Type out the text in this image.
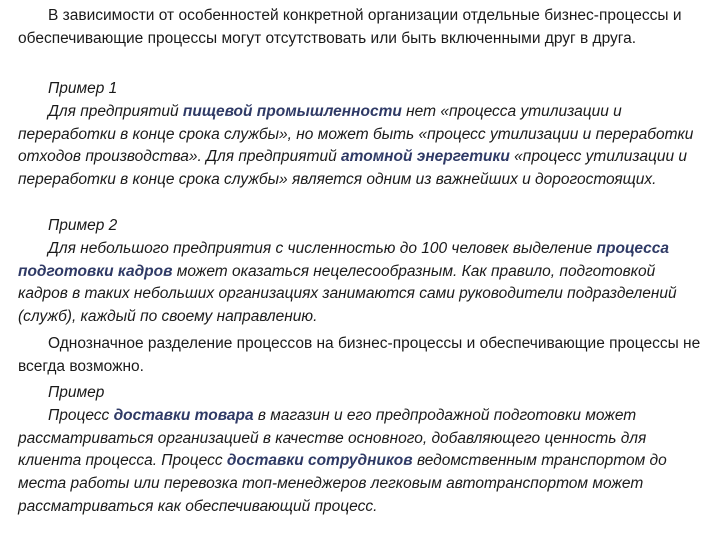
В зависимости от особенностей конкретной организации отдельные бизнес-процессы и обеспечивающие процессы могут отсутствовать или быть включенными друг в друга.

Пример 1
Для предприятий пищевой промышленности нет «процесса утилизации и переработки в конце срока службы», но может быть «процесс утилизации и переработки отходов производства». Для предприятий атомной энергетики «процесс утилизации и переработки в конце срока службы» является одним из важнейших и дорогостоящих.

Пример 2
Для небольшого предприятия с численностью до 100 человек выделение процесса подготовки кадров может оказаться нецелесообразным. Как правило, подготовкой кадров в таких небольших организациях занимаются сами руководители подразделений (служб), каждый по своему направлению.

Однозначное разделение процессов на бизнес-процессы и обеспечивающие процессы не всегда возможно.

Пример
Процесс доставки товара в магазин и его предпродажной подготовки может рассматриваться организацией в качестве основного, добавляющего ценность для клиента процесса. Процесс доставки сотрудников ведомственным транспортом до места работы или перевозка топ-менеджеров легковым автотранспортом может рассматриваться как обеспечивающий процесс.
